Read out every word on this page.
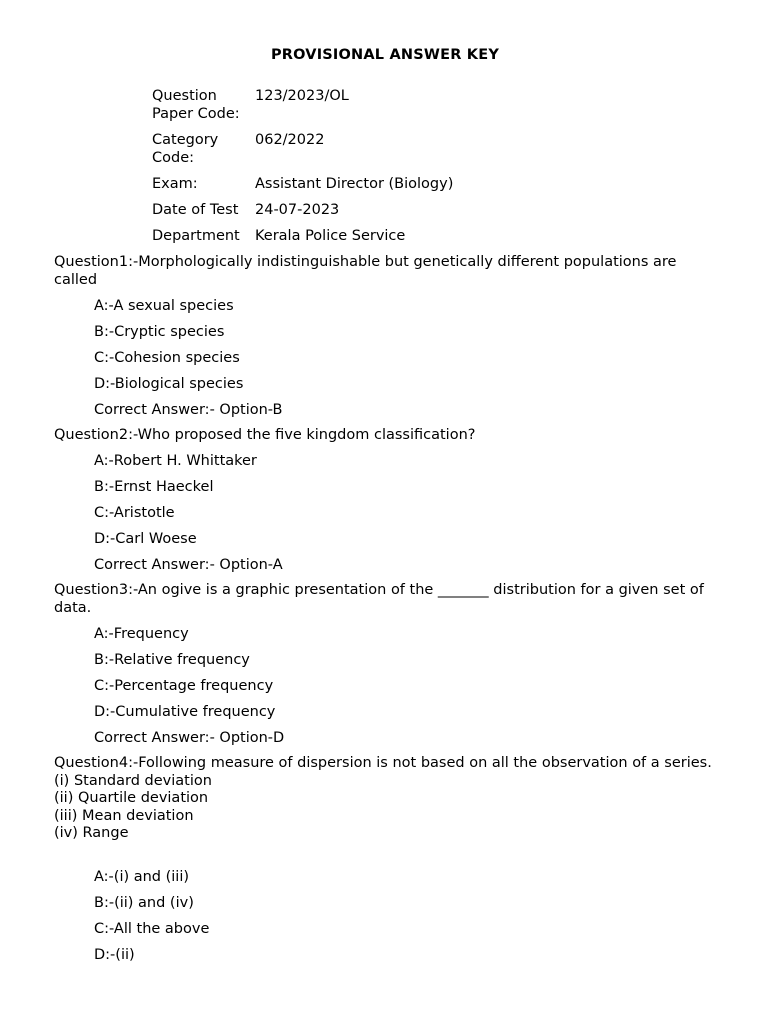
PROVISIONAL ANSWER KEY
Question
Paper Code:	123/2023/OL
Category
Code:	062/2022
Exam:	Assistant Director (Biology)
Date of Test	24-07-2023
Department	Kerala Police Service
Question1:-Morphologically indistinguishable but genetically different populations are called
A:-A sexual species
B:-Cryptic species
C:-Cohesion species
D:-Biological species
Correct Answer:- Option-B
Question2:-Who proposed the five kingdom classification?
A:-Robert H. Whittaker
B:-Ernst Haeckel
C:-Aristotle
D:-Carl Woese
Correct Answer:- Option-A
Question3:-An ogive is a graphic presentation of the _______ distribution for a given set of data.
A:-Frequency
B:-Relative frequency
C:-Percentage frequency
D:-Cumulative frequency
Correct Answer:- Option-D
Question4:-Following measure of dispersion is not based on all the observation of a series.
(i) Standard deviation
(ii) Quartile deviation
(iii) Mean deviation
(iv) Range
A:-(i) and (iii)
B:-(ii) and (iv)
C:-All the above
D:-(ii)
